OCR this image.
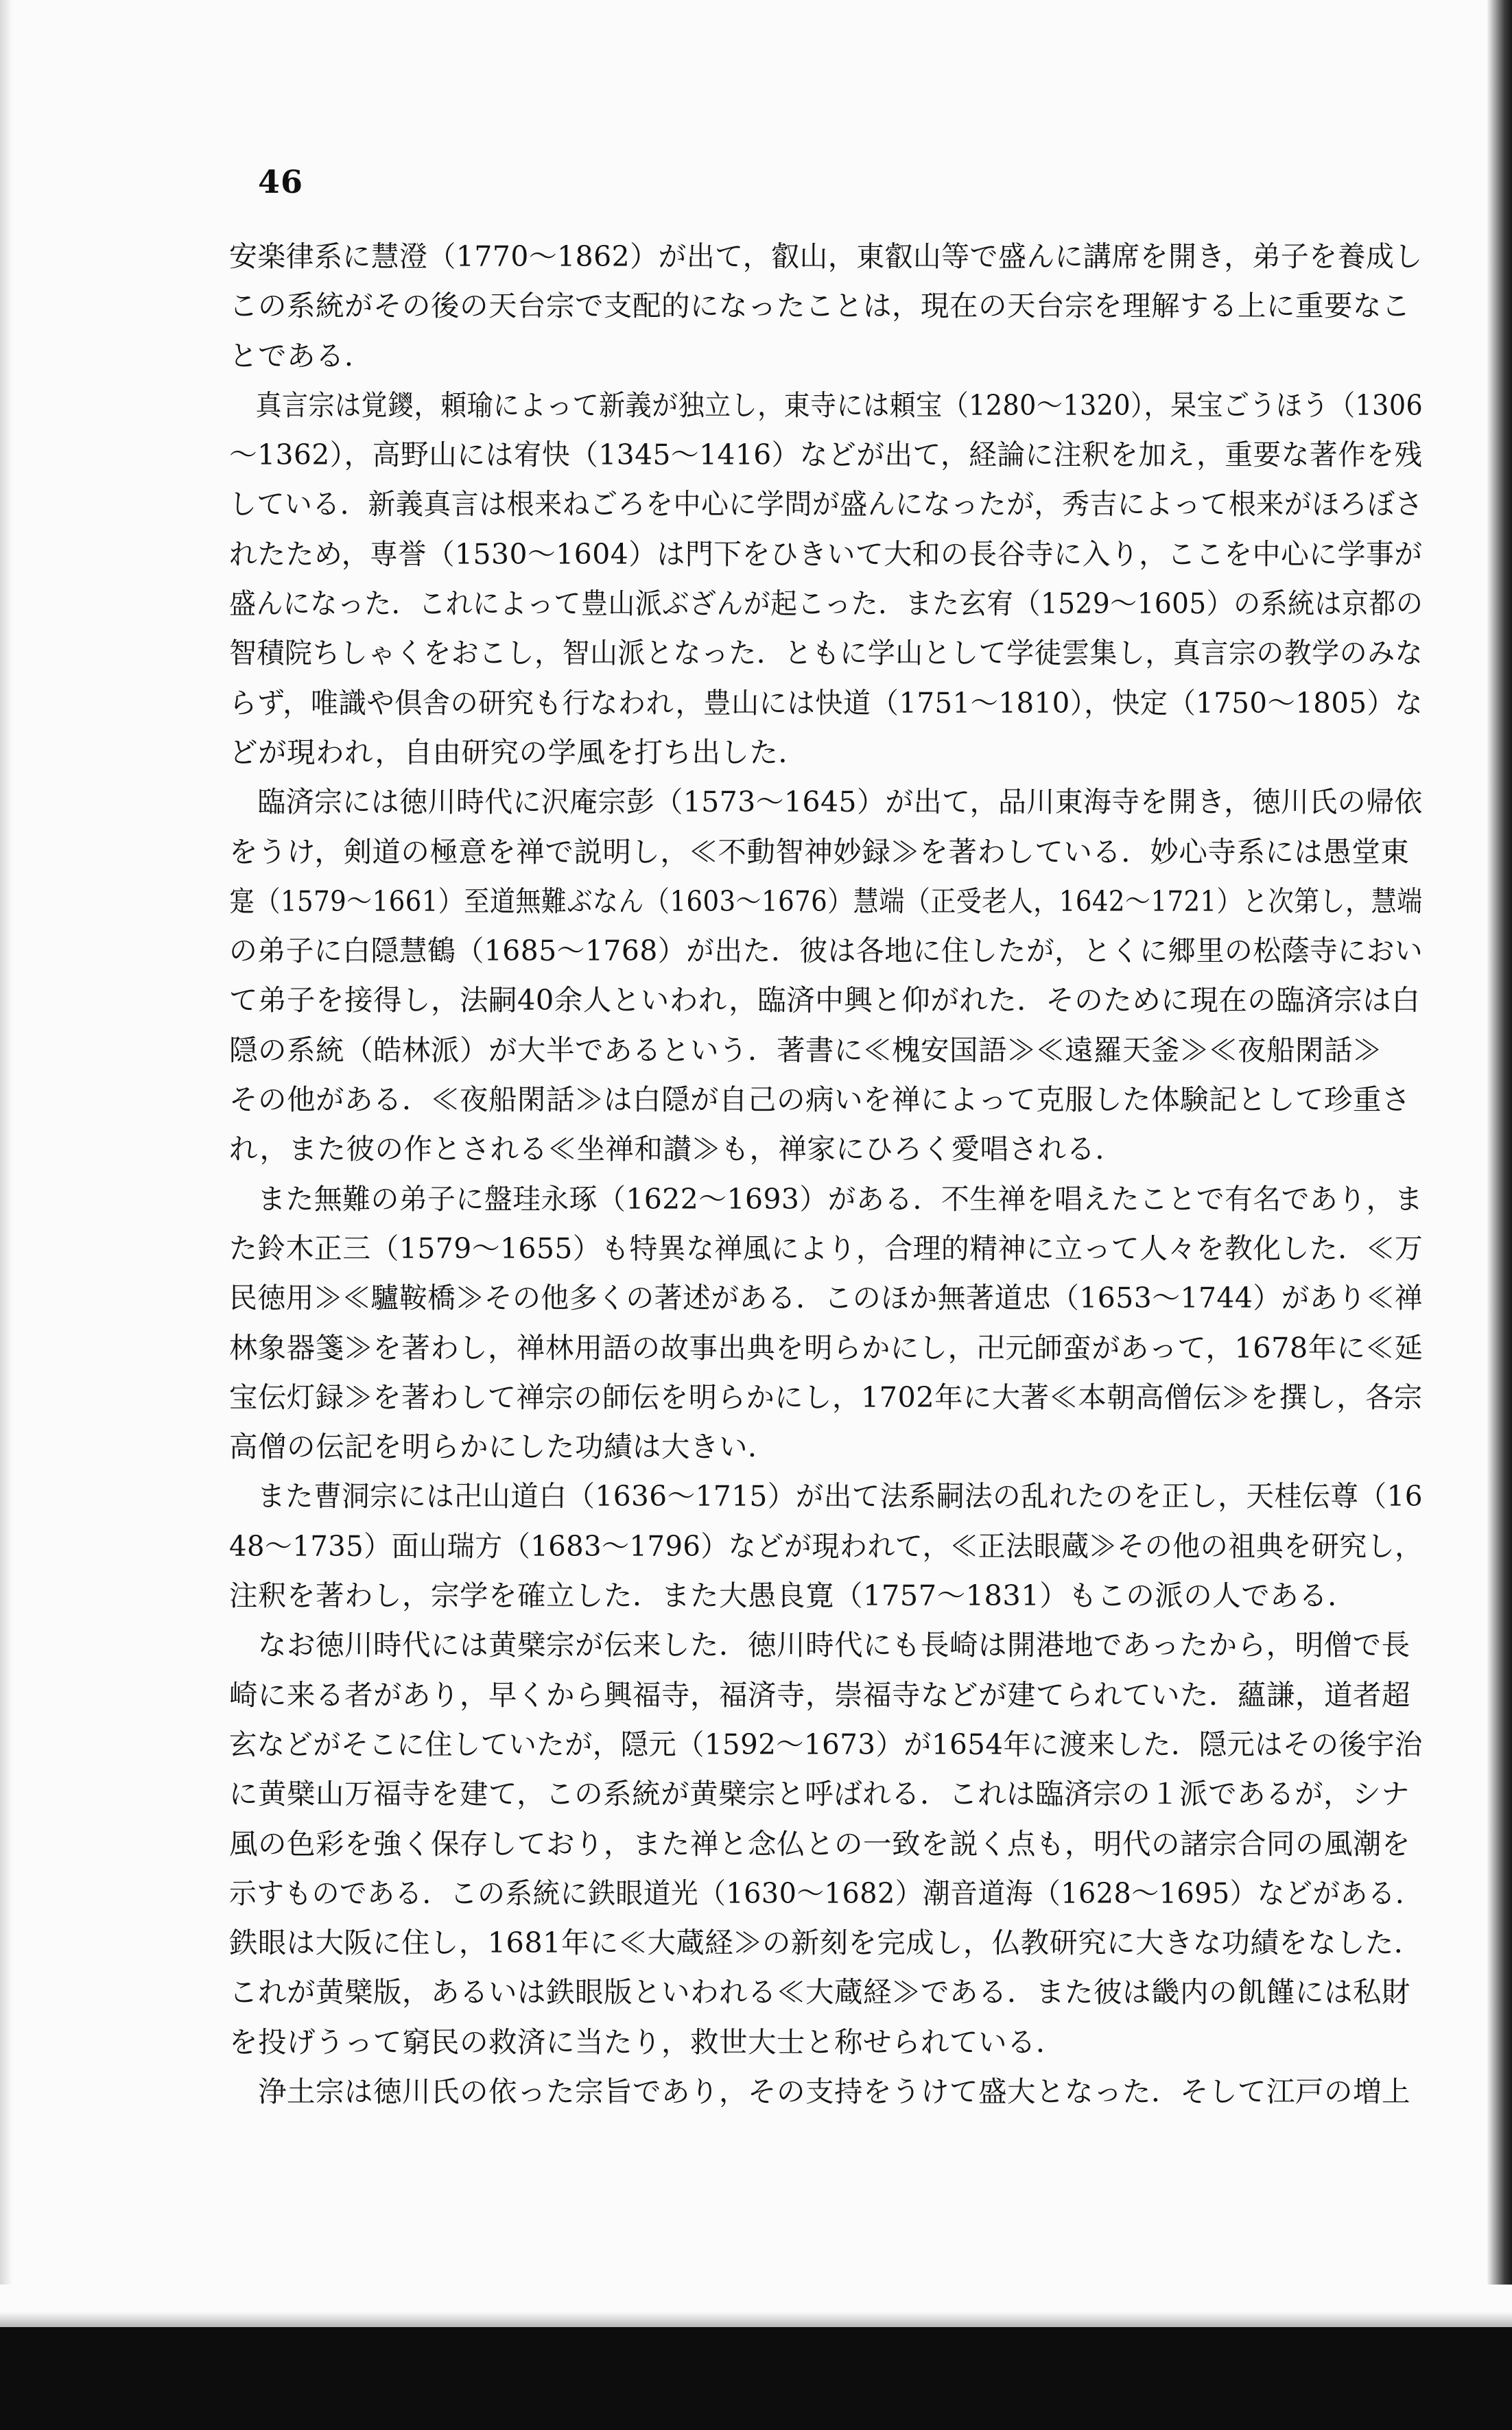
46
安楽律系に慧澄（1770～1862）が出て，叡山，東叡山等で盛んに講席を開き，弟子を養成し
この系統がその後の天台宗で支配的になったことは，現在の天台宗を理解する上に重要なこ
とである．
　真言宗は覚鑁，頼瑜によって新義が独立し，東寺には頼宝（1280～1320），杲宝ごうほう（1306
～1362），高野山には宥快（1345～1416）などが出て，経論に注釈を加え，重要な著作を残
している．新義真言は根来ねごろを中心に学問が盛んになったが，秀吉によって根来がほろぼさ
れたため，専誉（1530～1604）は門下をひきいて大和の長谷寺に入り，ここを中心に学事が
盛んになった．これによって豊山派ぶざんが起こった．また玄宥（1529～1605）の系統は京都の
智積院ちしゃくをおこし，智山派となった．ともに学山として学徒雲集し，真言宗の教学のみな
らず，唯識や倶舎の研究も行なわれ，豊山には快道（1751～1810），快定（1750～1805）な
どが現われ，自由研究の学風を打ち出した．
　臨済宗には徳川時代に沢庵宗彭（1573～1645）が出て，品川東海寺を開き，徳川氏の帰依
をうけ，剣道の極意を禅で説明し，≪不動智神妙録≫を著わしている．妙心寺系には愚堂東
寔（1579～1661）至道無難ぶなん（1603～1676）慧端（正受老人，1642～1721）と次第し，慧端
の弟子に白隠慧鶴（1685～1768）が出た．彼は各地に住したが，とくに郷里の松蔭寺におい
て弟子を接得し，法嗣40余人といわれ，臨済中興と仰がれた．そのために現在の臨済宗は白
隠の系統（皓林派）が大半であるという．著書に≪槐安国語≫≪遠羅天釜≫≪夜船閑話≫
その他がある．≪夜船閑話≫は白隠が自己の病いを禅によって克服した体験記として珍重さ
れ，また彼の作とされる≪坐禅和讃≫も，禅家にひろく愛唱される．
　また無難の弟子に盤珪永琢（1622～1693）がある．不生禅を唱えたことで有名であり，ま
た鈴木正三（1579～1655）も特異な禅風により，合理的精神に立って人々を教化した．≪万
民徳用≫≪驢鞍橋≫その他多くの著述がある．このほか無著道忠（1653～1744）があり≪禅
林象器箋≫を著わし，禅林用語の故事出典を明らかにし，卍元師蛮があって，1678年に≪延
宝伝灯録≫を著わして禅宗の師伝を明らかにし，1702年に大著≪本朝高僧伝≫を撰し，各宗
高僧の伝記を明らかにした功績は大きい．
　また曹洞宗には卍山道白（1636～1715）が出て法系嗣法の乱れたのを正し，天桂伝尊（16
48～1735）面山瑞方（1683～1796）などが現われて，≪正法眼蔵≫その他の祖典を研究し，
注釈を著わし，宗学を確立した．また大愚良寛（1757～1831）もこの派の人である．
　なお徳川時代には黄檗宗が伝来した．徳川時代にも長崎は開港地であったから，明僧で長
崎に来る者があり，早くから興福寺，福済寺，崇福寺などが建てられていた．蘊謙，道者超
玄などがそこに住していたが，隠元（1592～1673）が1654年に渡来した．隠元はその後宇治
に黄檗山万福寺を建て，この系統が黄檗宗と呼ばれる．これは臨済宗の１派であるが，シナ
風の色彩を強く保存しており，また禅と念仏との一致を説く点も，明代の諸宗合同の風潮を
示すものである．この系統に鉄眼道光（1630～1682）潮音道海（1628～1695）などがある．
鉄眼は大阪に住し，1681年に≪大蔵経≫の新刻を完成し，仏教研究に大きな功績をなした．
これが黄檗版，あるいは鉄眼版といわれる≪大蔵経≫である．また彼は畿内の飢饉には私財
を投げうって窮民の救済に当たり，救世大士と称せられている．
　浄土宗は徳川氏の依った宗旨であり，その支持をうけて盛大となった．そして江戸の増上
